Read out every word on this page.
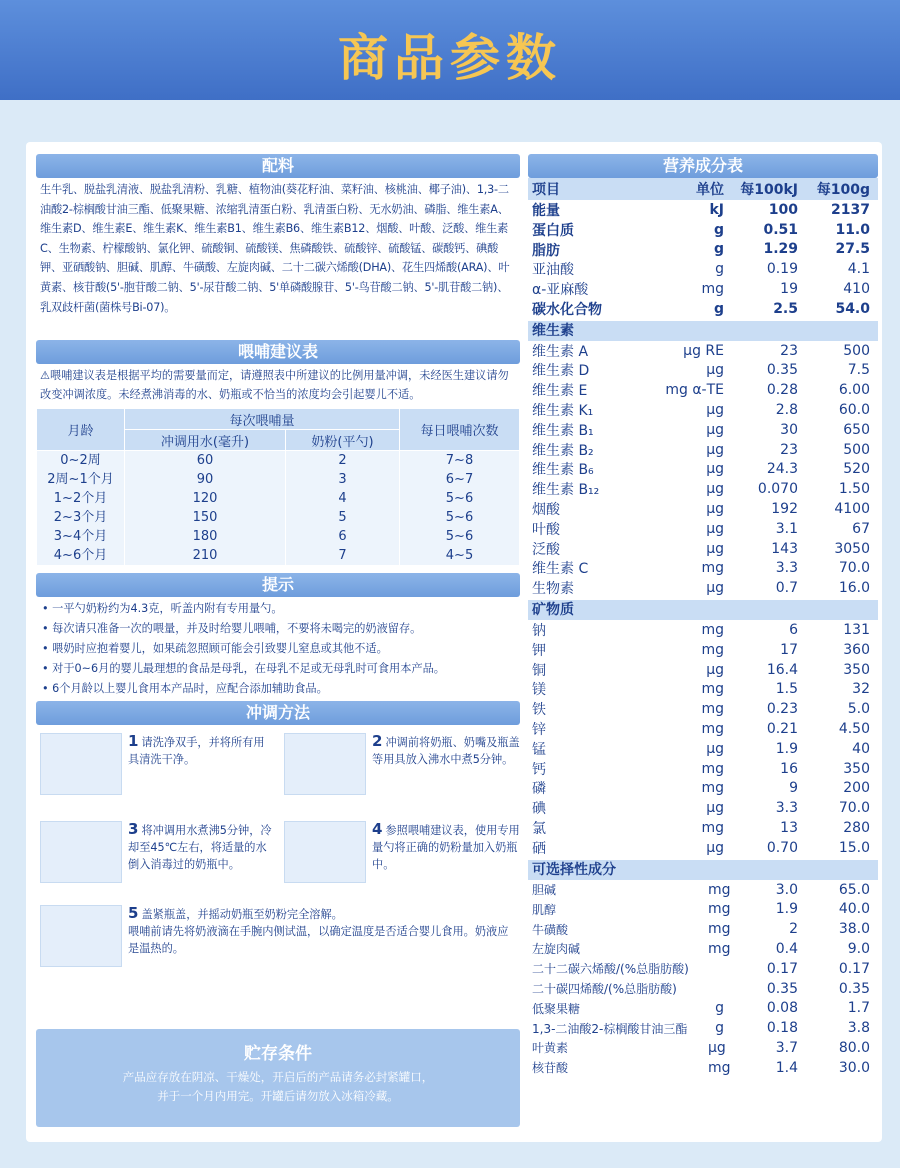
商品参数
配料
生牛乳、脱盐乳清液、脱盐乳清粉、乳糖、植物油(葵花籽油、菜籽油、核桃油、椰子油)、1,3-二油酸2-棕榈酸甘油三酯、低聚果糖、浓缩乳清蛋白粉、乳清蛋白粉、无水奶油、磷脂、维生素A、维生素D、维生素E、维生素K、维生素B1、维生素B6、维生素B12、烟酸、叶酸、泛酸、维生素C、生物素、柠檬酸钠、氯化钾、硫酸铜、硫酸镁、焦磷酸铁、硫酸锌、硫酸锰、碳酸钙、碘酸钾、亚硒酸钠、胆碱、肌醇、牛磺酸、左旋肉碱、二十二碳六烯酸(DHA)、花生四烯酸(ARA)、叶黄素、核苷酸(5'-胞苷酸二钠、5'-尿苷酸二钠、5'单磷酸腺苷、5'-鸟苷酸二钠、5'-肌苷酸二钠)、乳双歧杆菌(菌株号Bi-07)。
喂哺建议表
⚠喂哺建议表是根据平均的需要量而定，请遵照表中所建议的比例用量冲调，未经医生建议请勿改变冲调浓度。未经煮沸消毒的水、奶瓶或不恰当的浓度均会引起婴儿不适。
月龄	每次喂哺量		每日喂哺次数
	冲调用水(毫升)	奶粉(平勺)	
0~2周	60	2	7~8
2周~1个月	90	3	6~7
1~2个月	120	4	5~6
2~3个月	150	5	5~6
3~4个月	180	6	5~6
4~6个月	210	7	4~5
提示
• 一平勺奶粉约为4.3克，听盖内附有专用量勺。
• 每次请只准备一次的喂量，并及时给婴儿喂哺，不要将未喝完的奶液留存。
• 喂奶时应抱着婴儿，如果疏忽照顾可能会引致婴儿窒息或其他不适。
• 对于0~6月的婴儿最理想的食品是母乳，在母乳不足或无母乳时可食用本产品。
• 6个月龄以上婴儿食用本产品时，应配合添加辅助食品。
冲调方法
1 请洗净双手，并将所有用具清洗干净。
2 冲调前将奶瓶、奶嘴及瓶盖等用具放入沸水中煮5分钟。
3 将冲调用水煮沸5分钟，冷却至45℃左右，将适量的水倒入消毒过的奶瓶中。
4 参照喂哺建议表，使用专用量勺将正确的奶粉量加入奶瓶中。
5 盖紧瓶盖，并摇动奶瓶至奶粉完全溶解。
喂哺前请先将奶液滴在手腕内侧试温，以确定温度是否适合婴儿食用。奶液应是温热的。
贮存条件
产品应存放在阴凉、干燥处，开启后的产品请务必封紧罐口，
并于一个月内用完。开罐后请勿放入冰箱冷藏。
营养成分表
项目	单位	每100kJ	每100g
能量	kJ	100	2137
蛋白质	g	0.51	11.0
脂肪	g	1.29	27.5
亚油酸	g	0.19	4.1
α-亚麻酸	mg	19	410
碳水化合物	g	2.5	54.0
维生素
维生素 A	μg RE	23	500
维生素 D	μg	0.35	7.5
维生素 E	mg α-TE	0.28	6.00
维生素 K₁	μg	2.8	60.0
维生素 B₁	μg	30	650
维生素 B₂	μg	23	500
维生素 B₆	μg	24.3	520
维生素 B₁₂	μg	0.070	1.50
烟酸	μg	192	4100
叶酸	μg	3.1	67
泛酸	μg	143	3050
维生素 C	mg	3.3	70.0
生物素	μg	0.7	16.0
矿物质
钠	mg	6	131
钾	mg	17	360
铜	μg	16.4	350
镁	mg	1.5	32
铁	mg	0.23	5.0
锌	mg	0.21	4.50
锰	μg	1.9	40
钙	mg	16	350
磷	mg	9	200
碘	μg	3.3	70.0
氯	mg	13	280
硒	μg	0.70	15.0
可选择性成分
胆碱	mg	3.0	65.0
肌醇	mg	1.9	40.0
牛磺酸	mg	2	38.0
左旋肉碱	mg	0.4	9.0
二十二碳六烯酸/(%总脂肪酸)	0.17	0.17
二十碳四烯酸/(%总脂肪酸)	0.35	0.35
低聚果糖	g	0.08	1.7
1,3-二油酸2-棕榈酸甘油三酯	g	0.18	3.8
叶黄素	μg	3.7	80.0
核苷酸	mg	1.4	30.0
